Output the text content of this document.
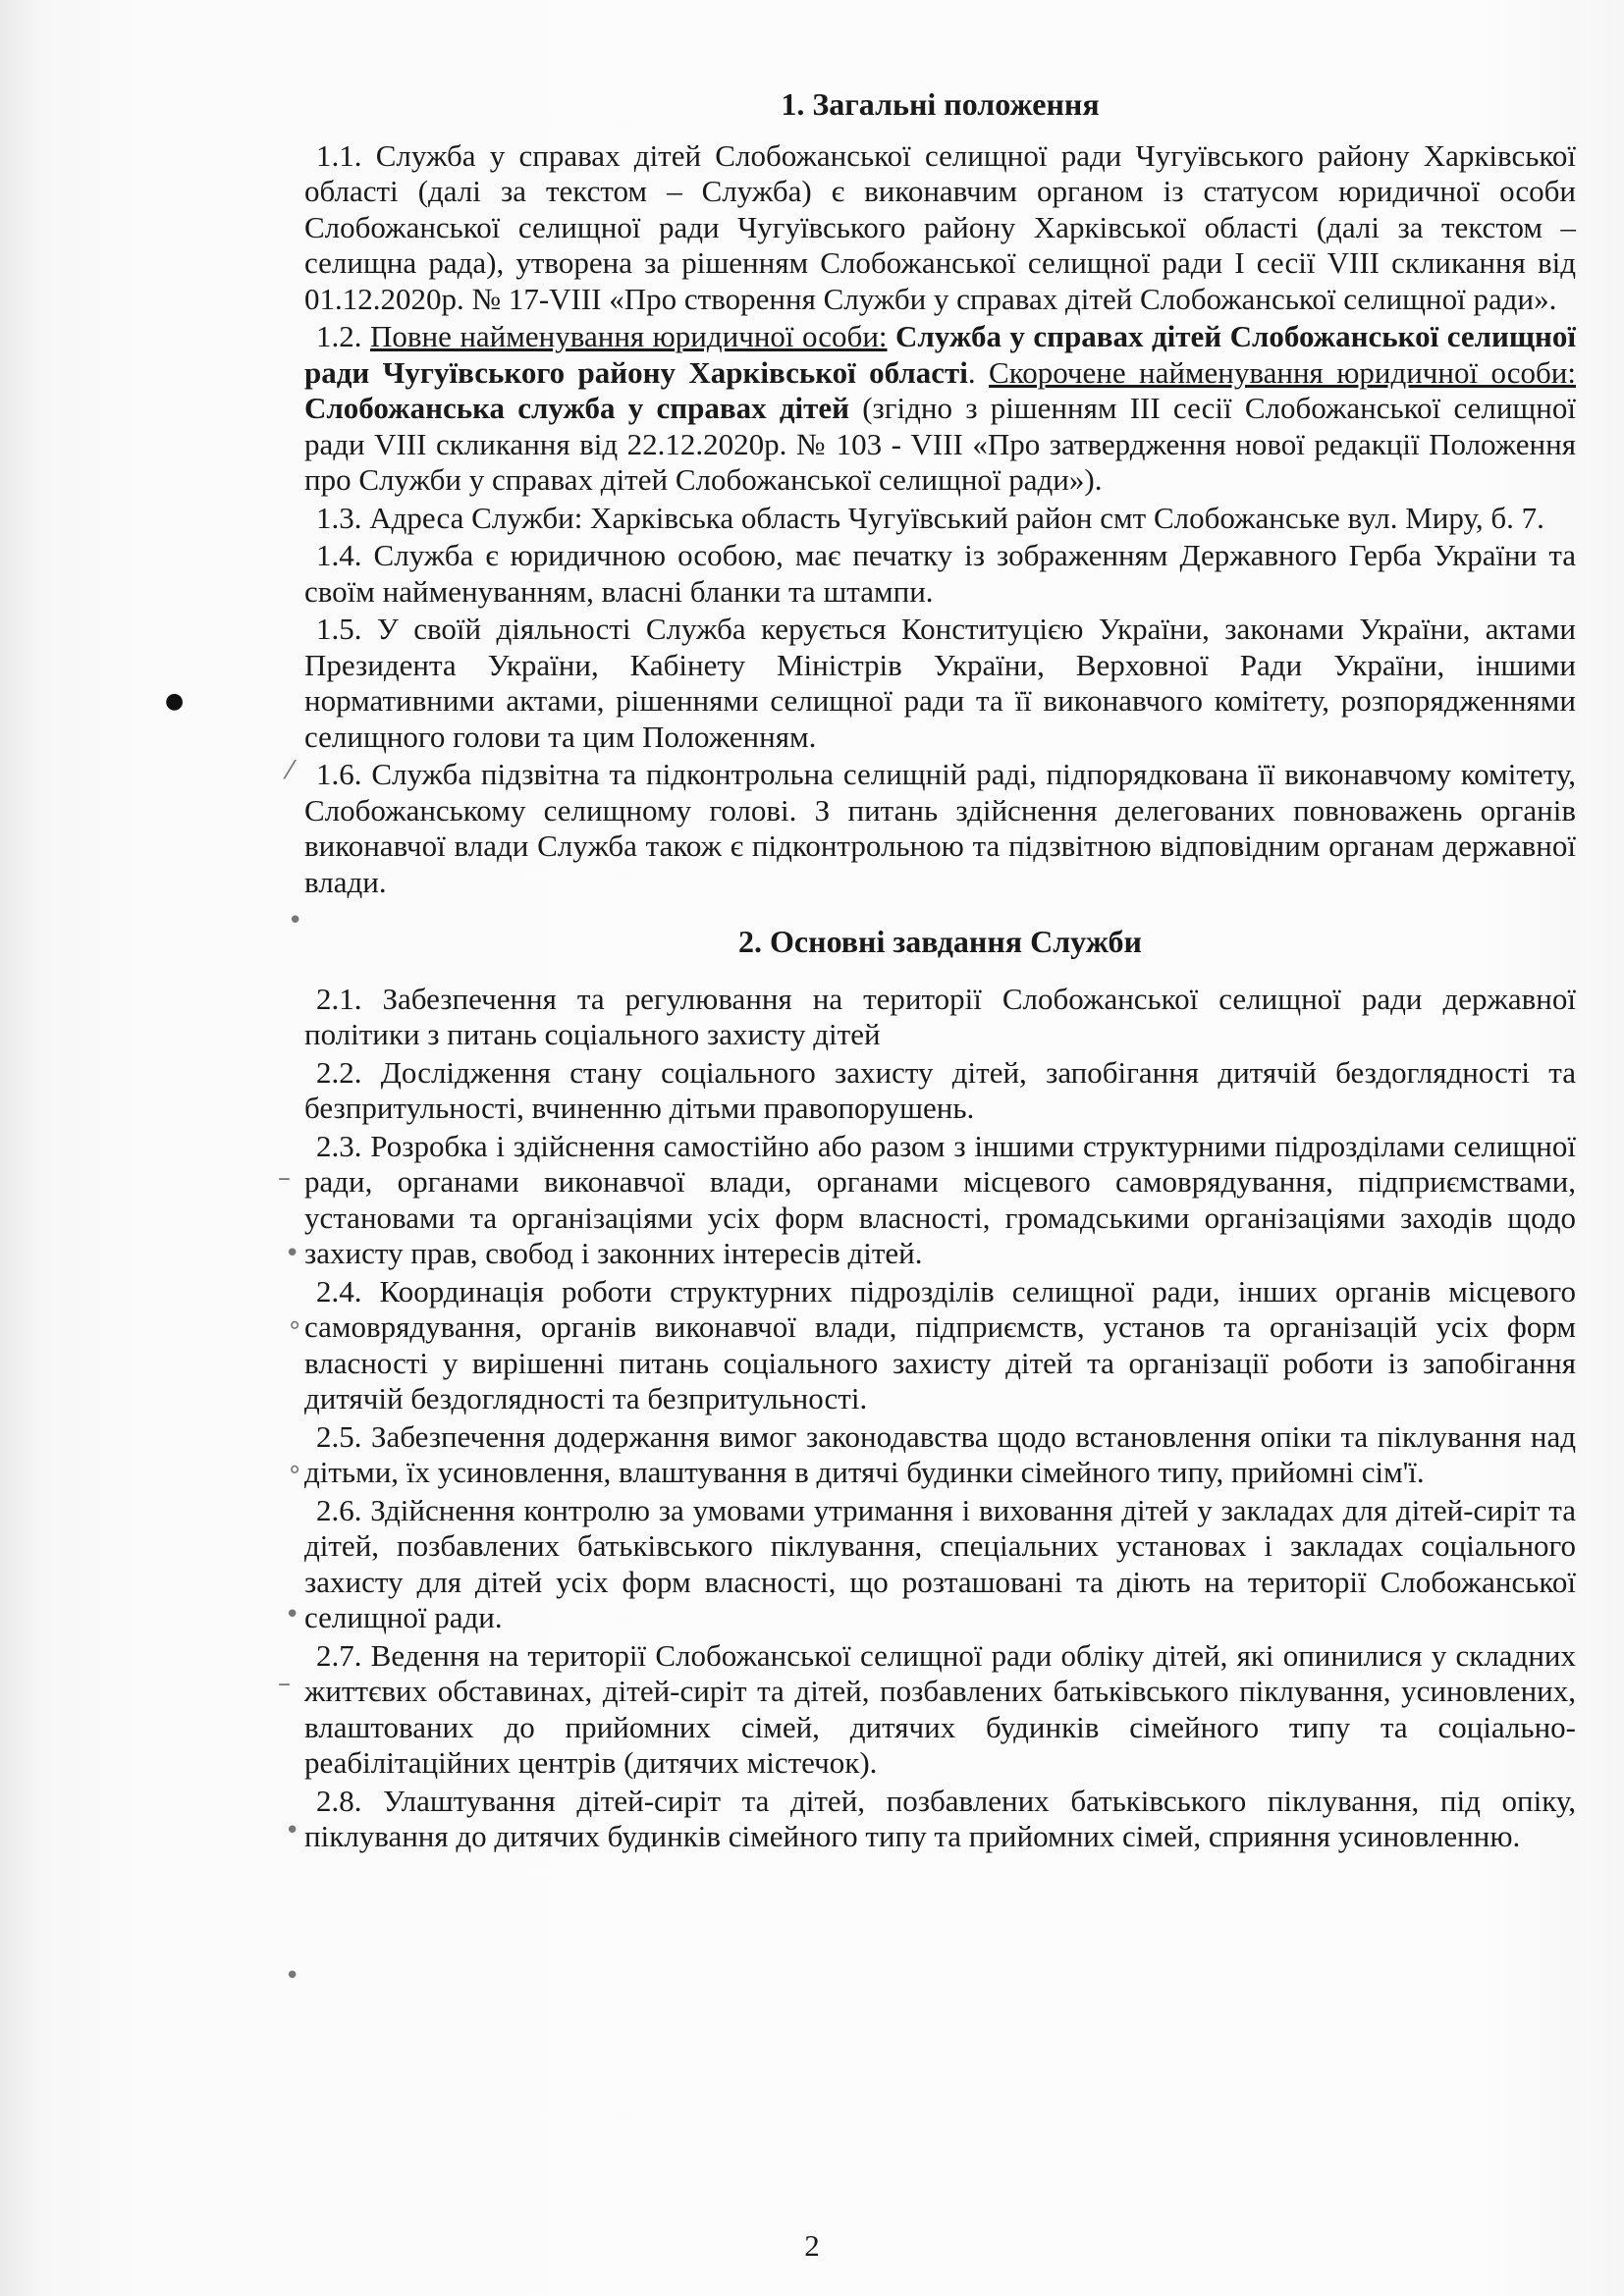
●
⁄
•
–
•
∘
∘
•
–
•
•
1. Загальні положення

1.1. Служба у справах дітей Слобожанської селищної ради Чугуївського району Харківської області (далі за текстом – Служба) є виконавчим органом із статусом юридичної особи Слобожанської селищної ради Чугуївського району Харківської області (далі за текстом – селищна рада), утворена за рішенням Слобожанської селищної ради І сесії VIII скликання від 01.12.2020р. № 17-VIII «Про створення Служби у справах дітей Слобожанської селищної ради».

1.2. Повне найменування юридичної особи: Служба у справах дітей Слобожанської селищної ради Чугуївського району Харківської області. Скорочене найменування юридичної особи: Слобожанська служба у справах дітей (згідно з рішенням ІІІ сесії Слобожанської селищної ради VIII скликання від 22.12.2020р. № 103 - VIII «Про затвердження нової редакції Положення про Служби у справах дітей Слобожанської селищної ради»).

1.3. Адреса Служби: Харківська область Чугуївський район смт Слобожанське вул. Миру, б. 7.

1.4. Служба є юридичною особою, має печатку із зображенням Державного Герба України та своїм найменуванням, власні бланки та штампи.

1.5. У своїй діяльності Служба керується Конституцією України, законами України, актами Президента України, Кабінету Міністрів України, Верховної Ради України, іншими нормативними актами, рішеннями селищної ради та її виконавчого комітету, розпорядженнями селищного голови та цим Положенням.

1.6. Служба підзвітна та підконтрольна селищній раді, підпорядкована її виконавчому комітету, Слобожанському селищному голові. З питань здійснення делегованих повноважень органів виконавчої влади Служба також є підконтрольною та підзвітною відповідним органам державної влади.

2. Основні завдання Служби

2.1. Забезпечення та регулювання на території Слобожанської селищної ради державної політики з питань соціального захисту дітей

2.2. Дослідження стану соціального захисту дітей, запобігання дитячій бездоглядності та безпритульності, вчиненню дітьми правопорушень.

2.3. Розробка і здійснення самостійно або разом з іншими структурними підрозділами селищної ради, органами виконавчої влади, органами місцевого самоврядування, підприємствами, установами та організаціями усіх форм власності, громадськими організаціями заходів щодо захисту прав, свобод і законних інтересів дітей.

2.4. Координація роботи структурних підрозділів селищної ради, інших органів місцевого самоврядування, органів виконавчої влади, підприємств, установ та організацій усіх форм власності у вирішенні питань соціального захисту дітей та організації роботи із запобігання дитячій бездоглядності та безпритульності.

2.5. Забезпечення додержання вимог законодавства щодо встановлення опіки та піклування над дітьми, їх усиновлення, влаштування в дитячі будинки сімейного типу, прийомні сім'ї.

2.6. Здійснення контролю за умовами утримання і виховання дітей у закладах для дітей-сиріт та дітей, позбавлених батьківського піклування, спеціальних установах і закладах соціального захисту для дітей усіх форм власності, що розташовані та діють на території Слобожанської селищної ради.

2.7. Ведення на території Слобожанської селищної ради обліку дітей, які опинилися у складних життєвих обставинах, дітей-сиріт та дітей, позбавлених батьківського піклування, усиновлених, влаштованих до прийомних сімей, дитячих будинків сімейного типу та соціально-реабілітаційних центрів (дитячих містечок).

2.8. Улаштування дітей-сиріт та дітей, позбавлених батьківського піклування, під опіку, піклування до дитячих будинків сімейного типу та прийомних сімей, сприяння усиновленню.

2
